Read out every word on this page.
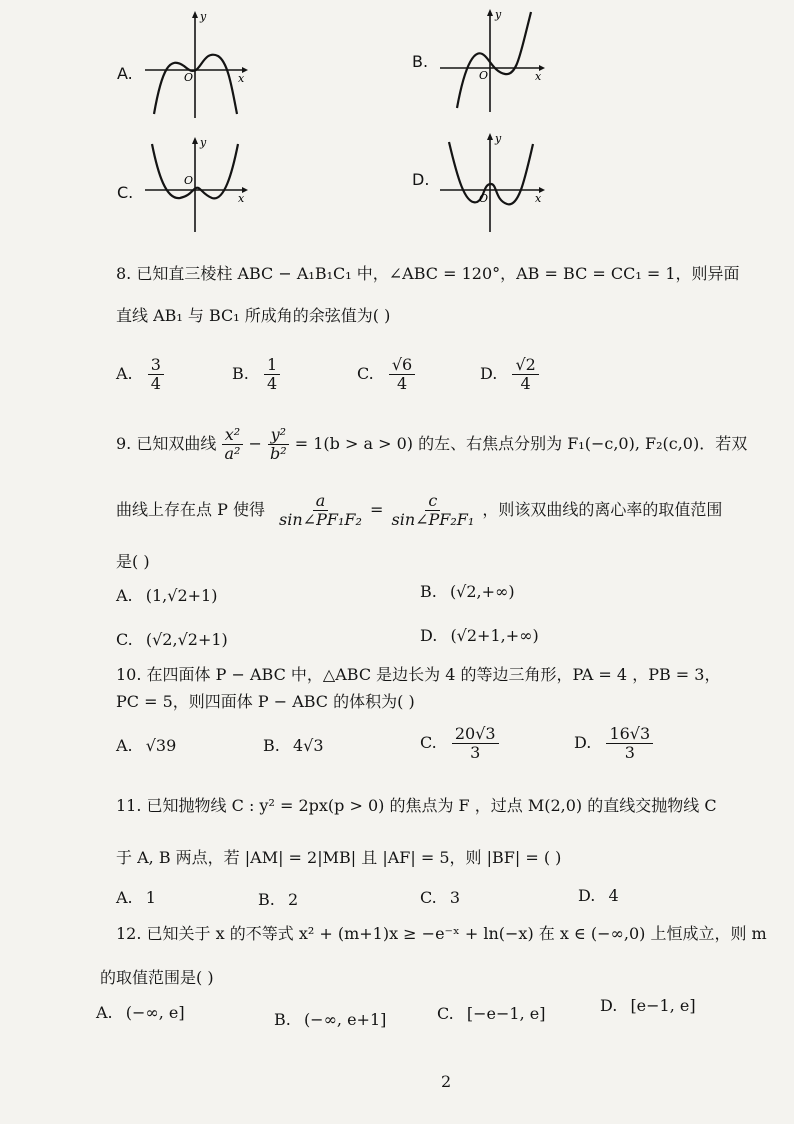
A.
y
x
O
B.
y
x
O
C.
y
x
O	D.
y
x
O
8. 已知直三棱柱 ABC − A₁B₁C₁ 中，∠ABC = 120°，AB = BC = CC₁ = 1，则异面
直线 AB₁ 与 BC₁ 所成角的余弦值为( )
A. $\frac{3}{4}$	B. $\frac{1}{4}$	C. $\frac{√6}{4}$	D. $\frac{√2}{4}$
9. 已知双曲线 $\frac{\text{x²}}{\text{a²}} - \frac{\text{y²}}{\text{b²}} = 1(b > a > 0)$ 的左、右焦点分别为 F₁(−c,0), F₂(c,0)．若双
曲线上存在点 P 使得 $\frac{a}{\text{sin∠PF₁F₂}} = \frac{c}{\text{sin∠PF₂F₁}}$ ，则该双曲线的离心率的取值范围
是( )
A. (1,√2+1)	B. (√2,+∞)
C. (√2,√2+1)	D. (√2+1,+∞)
10. 在四面体 P − ABC 中，△ABC 是边长为 4 的等边三角形，PA = 4 ，PB = 3，
PC = 5，则四面体 P − ABC 的体积为( )
A. √39	B. 4√3	C. $\frac{20√3}{3}$	D. $\frac{16√3}{3}$
11. 已知抛物线 C : y² = 2px(p > 0) 的焦点为 F ，过点 M(2,0) 的直线交抛物线 C
于 A, B 两点，若 |AM| = 2|MB| 且 |AF| = 5，则 |BF| = ( )
A. 1	B. 2	C. 3	D. 4
12. 已知关于 x 的不等式 x² + (m+1)x ≥ −e⁻ˣ + ln(−x) 在 x ∈ (−∞,0) 上恒成立，则 m
的取值范围是( )
A. (−∞, e]	B. (−∞, e+1]	C. [−e−1, e]	D. [e−1, e]
2
